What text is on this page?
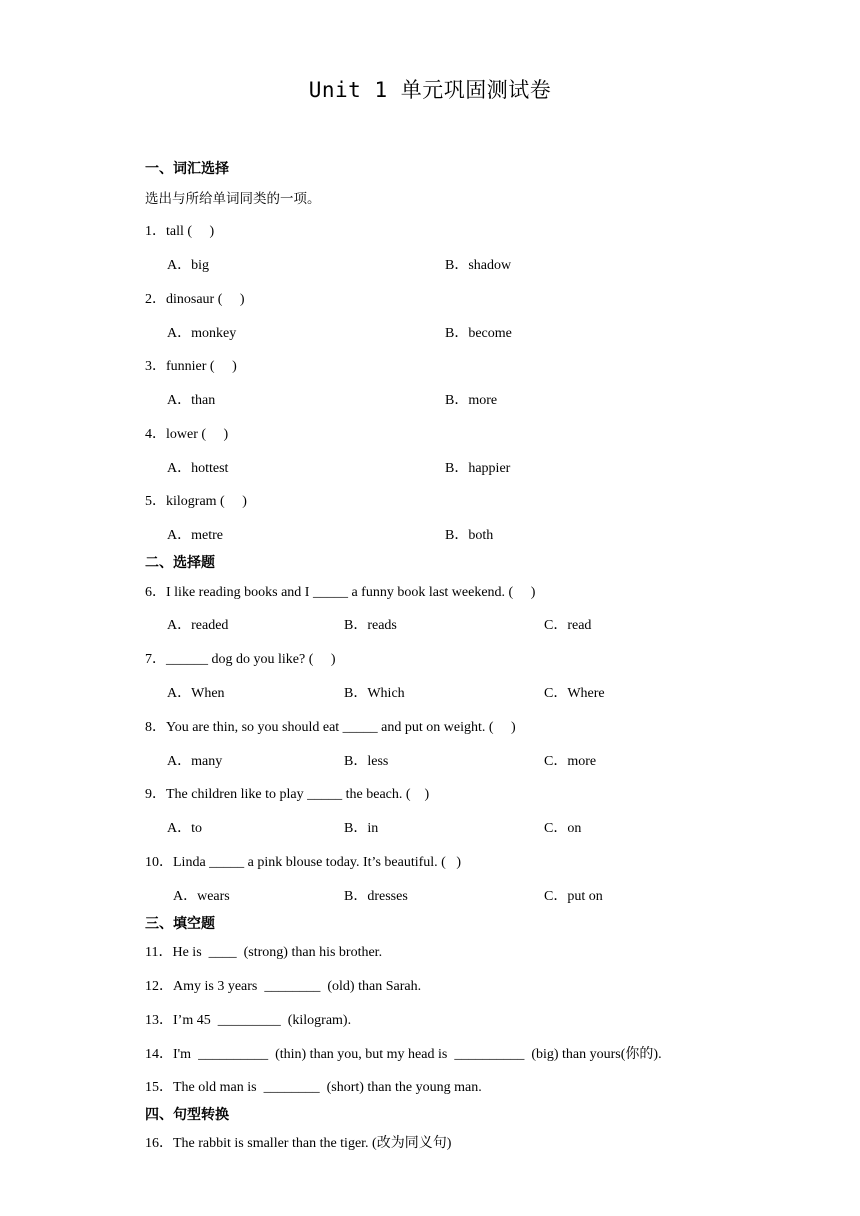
Unit 1 单元巩固测试卷
一、词汇选择
选出与所给单词同类的一项。
1．tall (     )
A．big	B．shadow
2．dinosaur (     )
A．monkey	B．become
3．funnier (     )
A．than	B．more
4．lower (     )
A．hottest	B．happier
5．kilogram (     )
A．metre	B．both
二、选择题
6．I like reading books and I _____ a funny book last weekend. (     )
A．readed	B．reads	C．read
7．______ dog do you like? (     )
A．When	B．Which	C．Where
8．You are thin, so you should eat _____ and put on weight. (     )
A．many	B．less	C．more
9．The children like to play _____ the beach. (    )
A．to	B．in	C．on
10．Linda _____ a pink blouse today. It’s beautiful. (   )
A．wears	B．dresses	C．put on
三、填空题
11．He is  ____  (strong) than his brother.
12．Amy is 3 years  ________  (old) than Sarah.
13．I’m 45  _________  (kilogram).
14．I'm  __________  (thin) than you, but my head is  __________  (big) than yours(你的).
15．The old man is  ________  (short) than the young man.
四、句型转换
16．The rabbit is smaller than the tiger. (改为同义句)
